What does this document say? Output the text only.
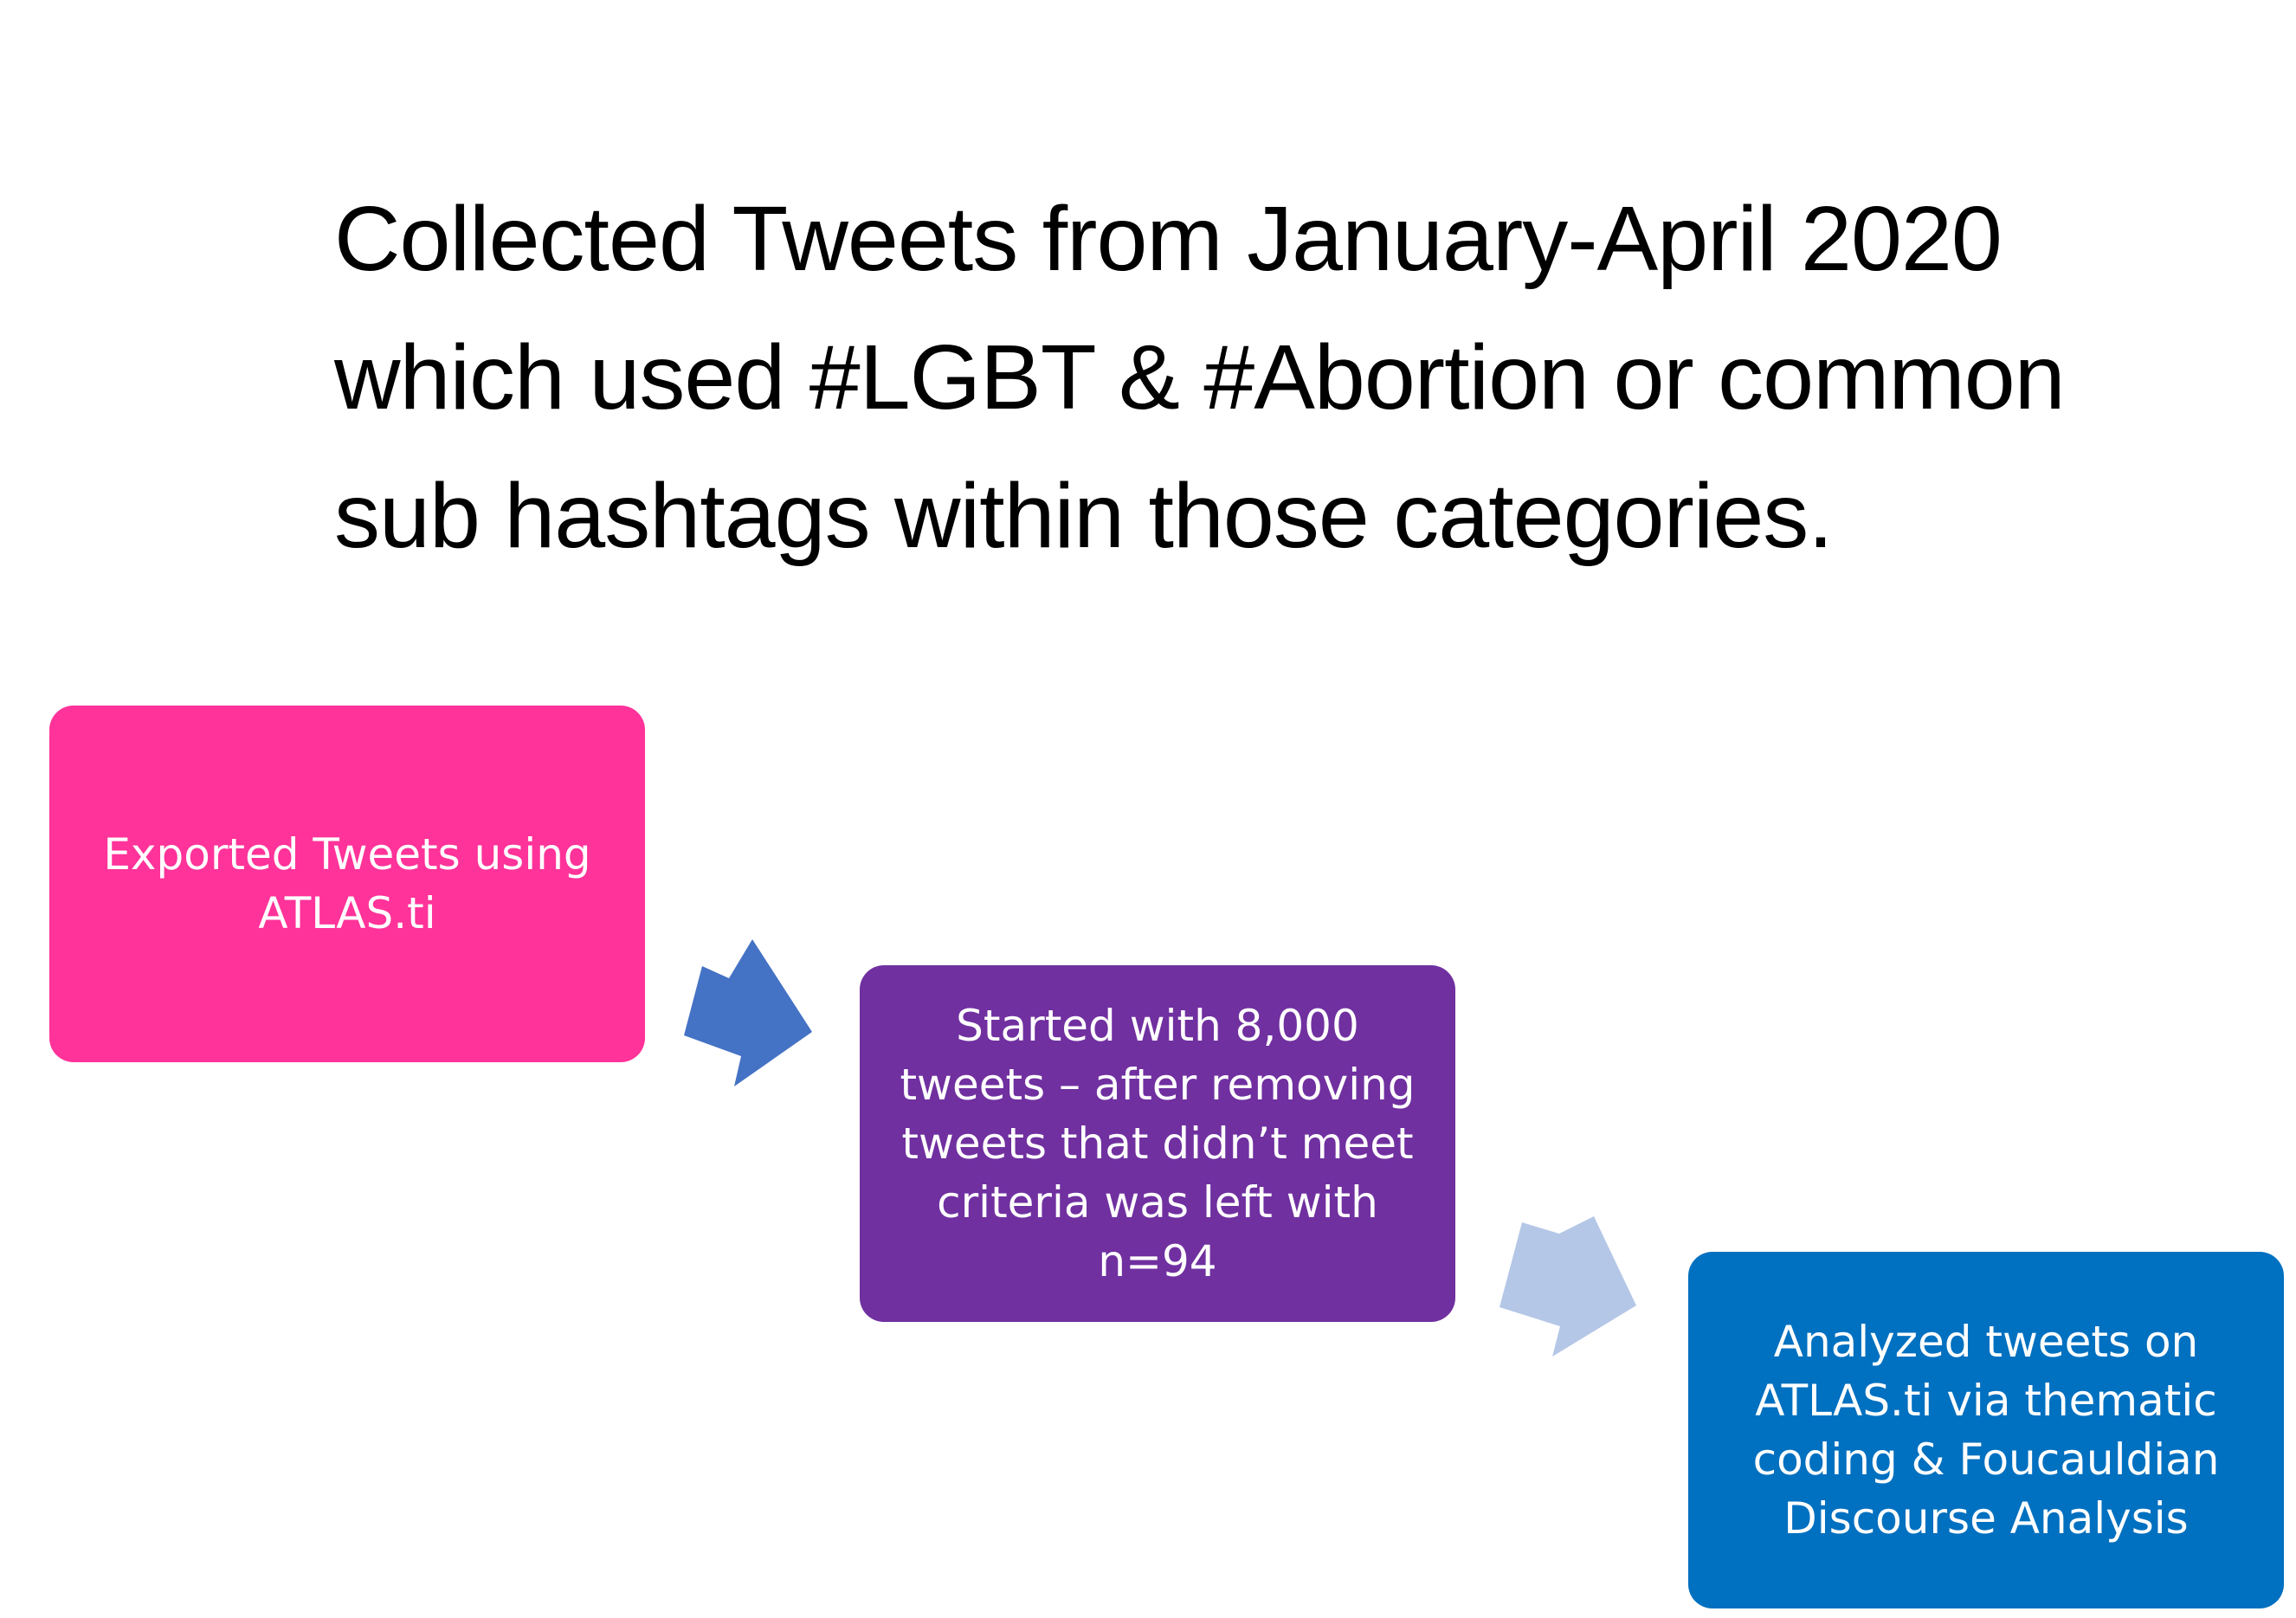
Collected Tweets from January-April 2020
which used #LGBT & #Abortion or common
sub hashtags within those categories.
Exported Tweets using
ATLAS.ti
Started with 8,000
tweets – after removing
tweets that didn’t meet
criteria was left with
n=94
Analyzed tweets on
ATLAS.ti via thematic
coding & Foucauldian
Discourse Analysis
